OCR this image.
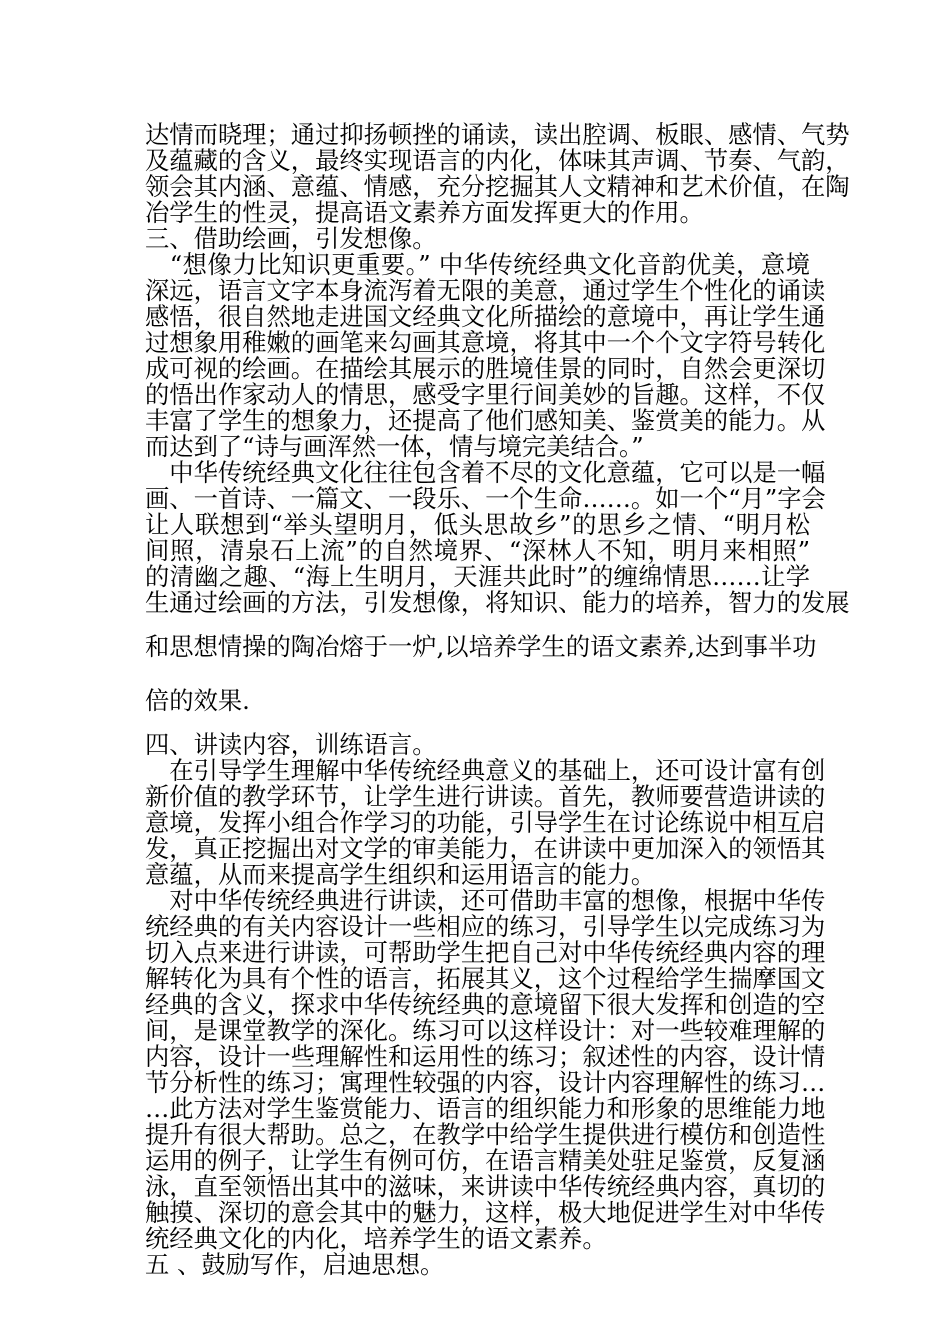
达情而晓理；通过抑扬顿挫的诵读，读出腔调、板眼、感情、气势
及蕴藏的含义，最终实现语言的内化，体味其声调、节奏、气韵，
领会其内涵、意蕴、情感，充分挖掘其人文精神和艺术价值，在陶
冶学生的性灵，提高语文素养方面发挥更大的作用。
三、借助绘画，引发想像。
　“想像力比知识更重要。” 中华传统经典文化音韵优美，意境
深远，语言文字本身流泻着无限的美意，通过学生个性化的诵读
感悟，很自然地走进国文经典文化所描绘的意境中，再让学生通
过想象用稚嫩的画笔来勾画其意境，将其中一个个文字符号转化
成可视的绘画。在描绘其展示的胜境佳景的同时，自然会更深切
的悟出作家动人的情思，感受字里行间美妙的旨趣。这样，不仅
丰富了学生的想象力，还提高了他们感知美、鉴赏美的能力。从
而达到了“诗与画浑然一体，情与境完美结合。”
　中华传统经典文化往往包含着不尽的文化意蕴，它可以是一幅
画、一首诗、一篇文、一段乐、一个生命……。如一个“月”字会
让人联想到“举头望明月，低头思故乡”的思乡之情、“明月松
间照，清泉石上流”的自然境界、“深林人不知，明月来相照”
的清幽之趣、“海上生明月，天涯共此时”的缠绵情思……让学
生通过绘画的方法，引发想像，将知识、能力的培养，智力的发展
和思想情操的陶冶熔于一炉,以培养学生的语文素养,达到事半功
倍的效果.
四、讲读内容，训练语言。
　在引导学生理解中华传统经典意义的基础上，还可设计富有创
新价值的教学环节，让学生进行讲读。首先，教师要营造讲读的
意境，发挥小组合作学习的功能，引导学生在讨论练说中相互启
发，真正挖掘出对文学的审美能力，在讲读中更加深入的领悟其
意蕴，从而来提高学生组织和运用语言的能力。
　对中华传统经典进行讲读，还可借助丰富的想像，根据中华传
统经典的有关内容设计一些相应的练习，引导学生以完成练习为
切入点来进行讲读，可帮助学生把自己对中华传统经典内容的理
解转化为具有个性的语言，拓展其义，这个过程给学生揣摩国文
经典的含义，探求中华传统经典的意境留下很大发挥和创造的空
间，是课堂教学的深化。练习可以这样设计：对一些较难理解的
内容，设计一些理解性和运用性的练习；叙述性的内容，设计情
节分析性的练习；寓理性较强的内容，设计内容理解性的练习…
…此方法对学生鉴赏能力、语言的组织能力和形象的思维能力地
提升有很大帮助。总之，在教学中给学生提供进行模仿和创造性
运用的例子，让学生有例可仿，在语言精美处驻足鉴赏，反复涵
泳，直至领悟出其中的滋味，来讲读中华传统经典内容，真切的
触摸、深切的意会其中的魅力，这样，极大地促进学生对中华传
统经典文化的内化，培养学生的语文素养。
五 、鼓励写作，启迪思想。
